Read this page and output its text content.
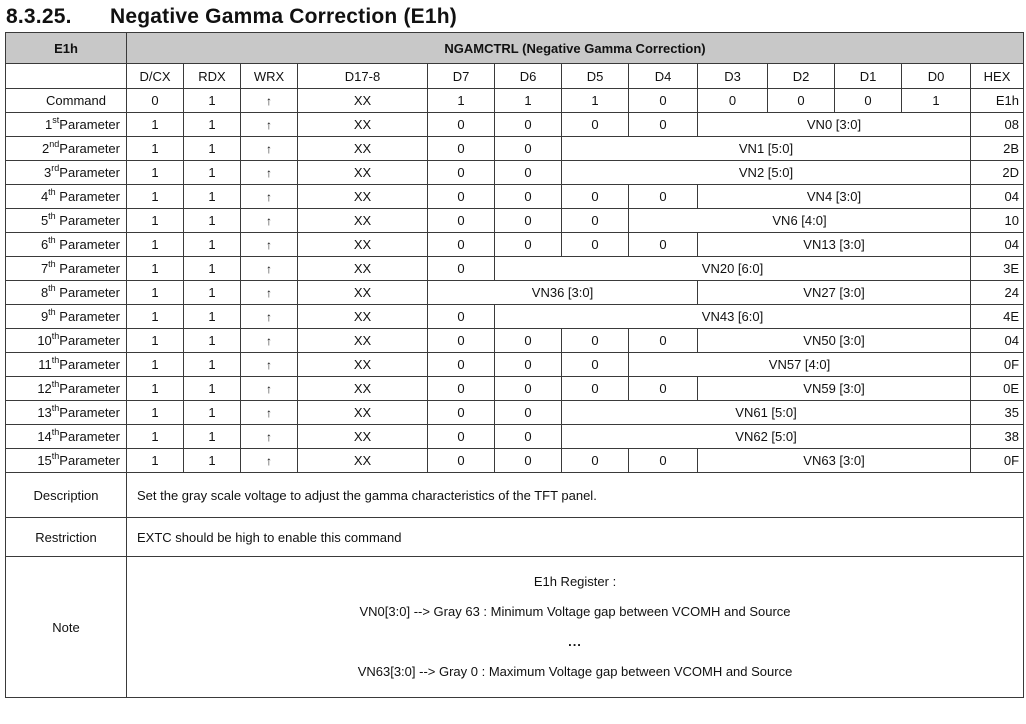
8.3.25. Negative Gamma Correction (E1h)
E1h	NGAMCTRL (Negative Gamma Correction)												
	D/CX	RDX	WRX	D17-8	D7	D6	D5	D4	D3	D2	D1	D0	HEX
Command	0	1	↑	XX	1	1	1	0	0	0	0	1	E1h
1stParameter	1	1	↑	XX	0	0	0	0	VN0 [3:0]				08
2ndParameter	1	1	↑	XX	0	0	VN1 [5:0]						2B
3rdParameter	1	1	↑	XX	0	0	VN2 [5:0]						2D
4th Parameter	1	1	↑	XX	0	0	0	0	VN4 [3:0]				04
5th Parameter	1	1	↑	XX	0	0	0	VN6 [4:0]					10
6th Parameter	1	1	↑	XX	0	0	0	0	VN13 [3:0]				04
7th Parameter	1	1	↑	XX	0	VN20 [6:0]							3E
8th Parameter	1	1	↑	XX	VN36 [3:0]				VN27 [3:0]				24
9th Parameter	1	1	↑	XX	0	VN43 [6:0]							4E
10thParameter	1	1	↑	XX	0	0	0	0	VN50 [3:0]				04
11thParameter	1	1	↑	XX	0	0	0	VN57 [4:0]					0F
12thParameter	1	1	↑	XX	0	0	0	0	VN59 [3:0]				0E
13thParameter	1	1	↑	XX	0	0	VN61 [5:0]						35
14thParameter	1	1	↑	XX	0	0	VN62 [5:0]						38
15thParameter	1	1	↑	XX	0	0	0	0	VN63 [3:0]				0F
Description	Set the gray scale voltage to adjust the gamma characteristics of the TFT panel.												
Restriction	EXTC should be high to enable this command												
Note	E1h Register :
VN0[3:0] --> Gray 63 : Minimum Voltage gap between VCOMH and Source
...
VN63[3:0] --> Gray 0 : Maximum Voltage gap between VCOMH and Source												
